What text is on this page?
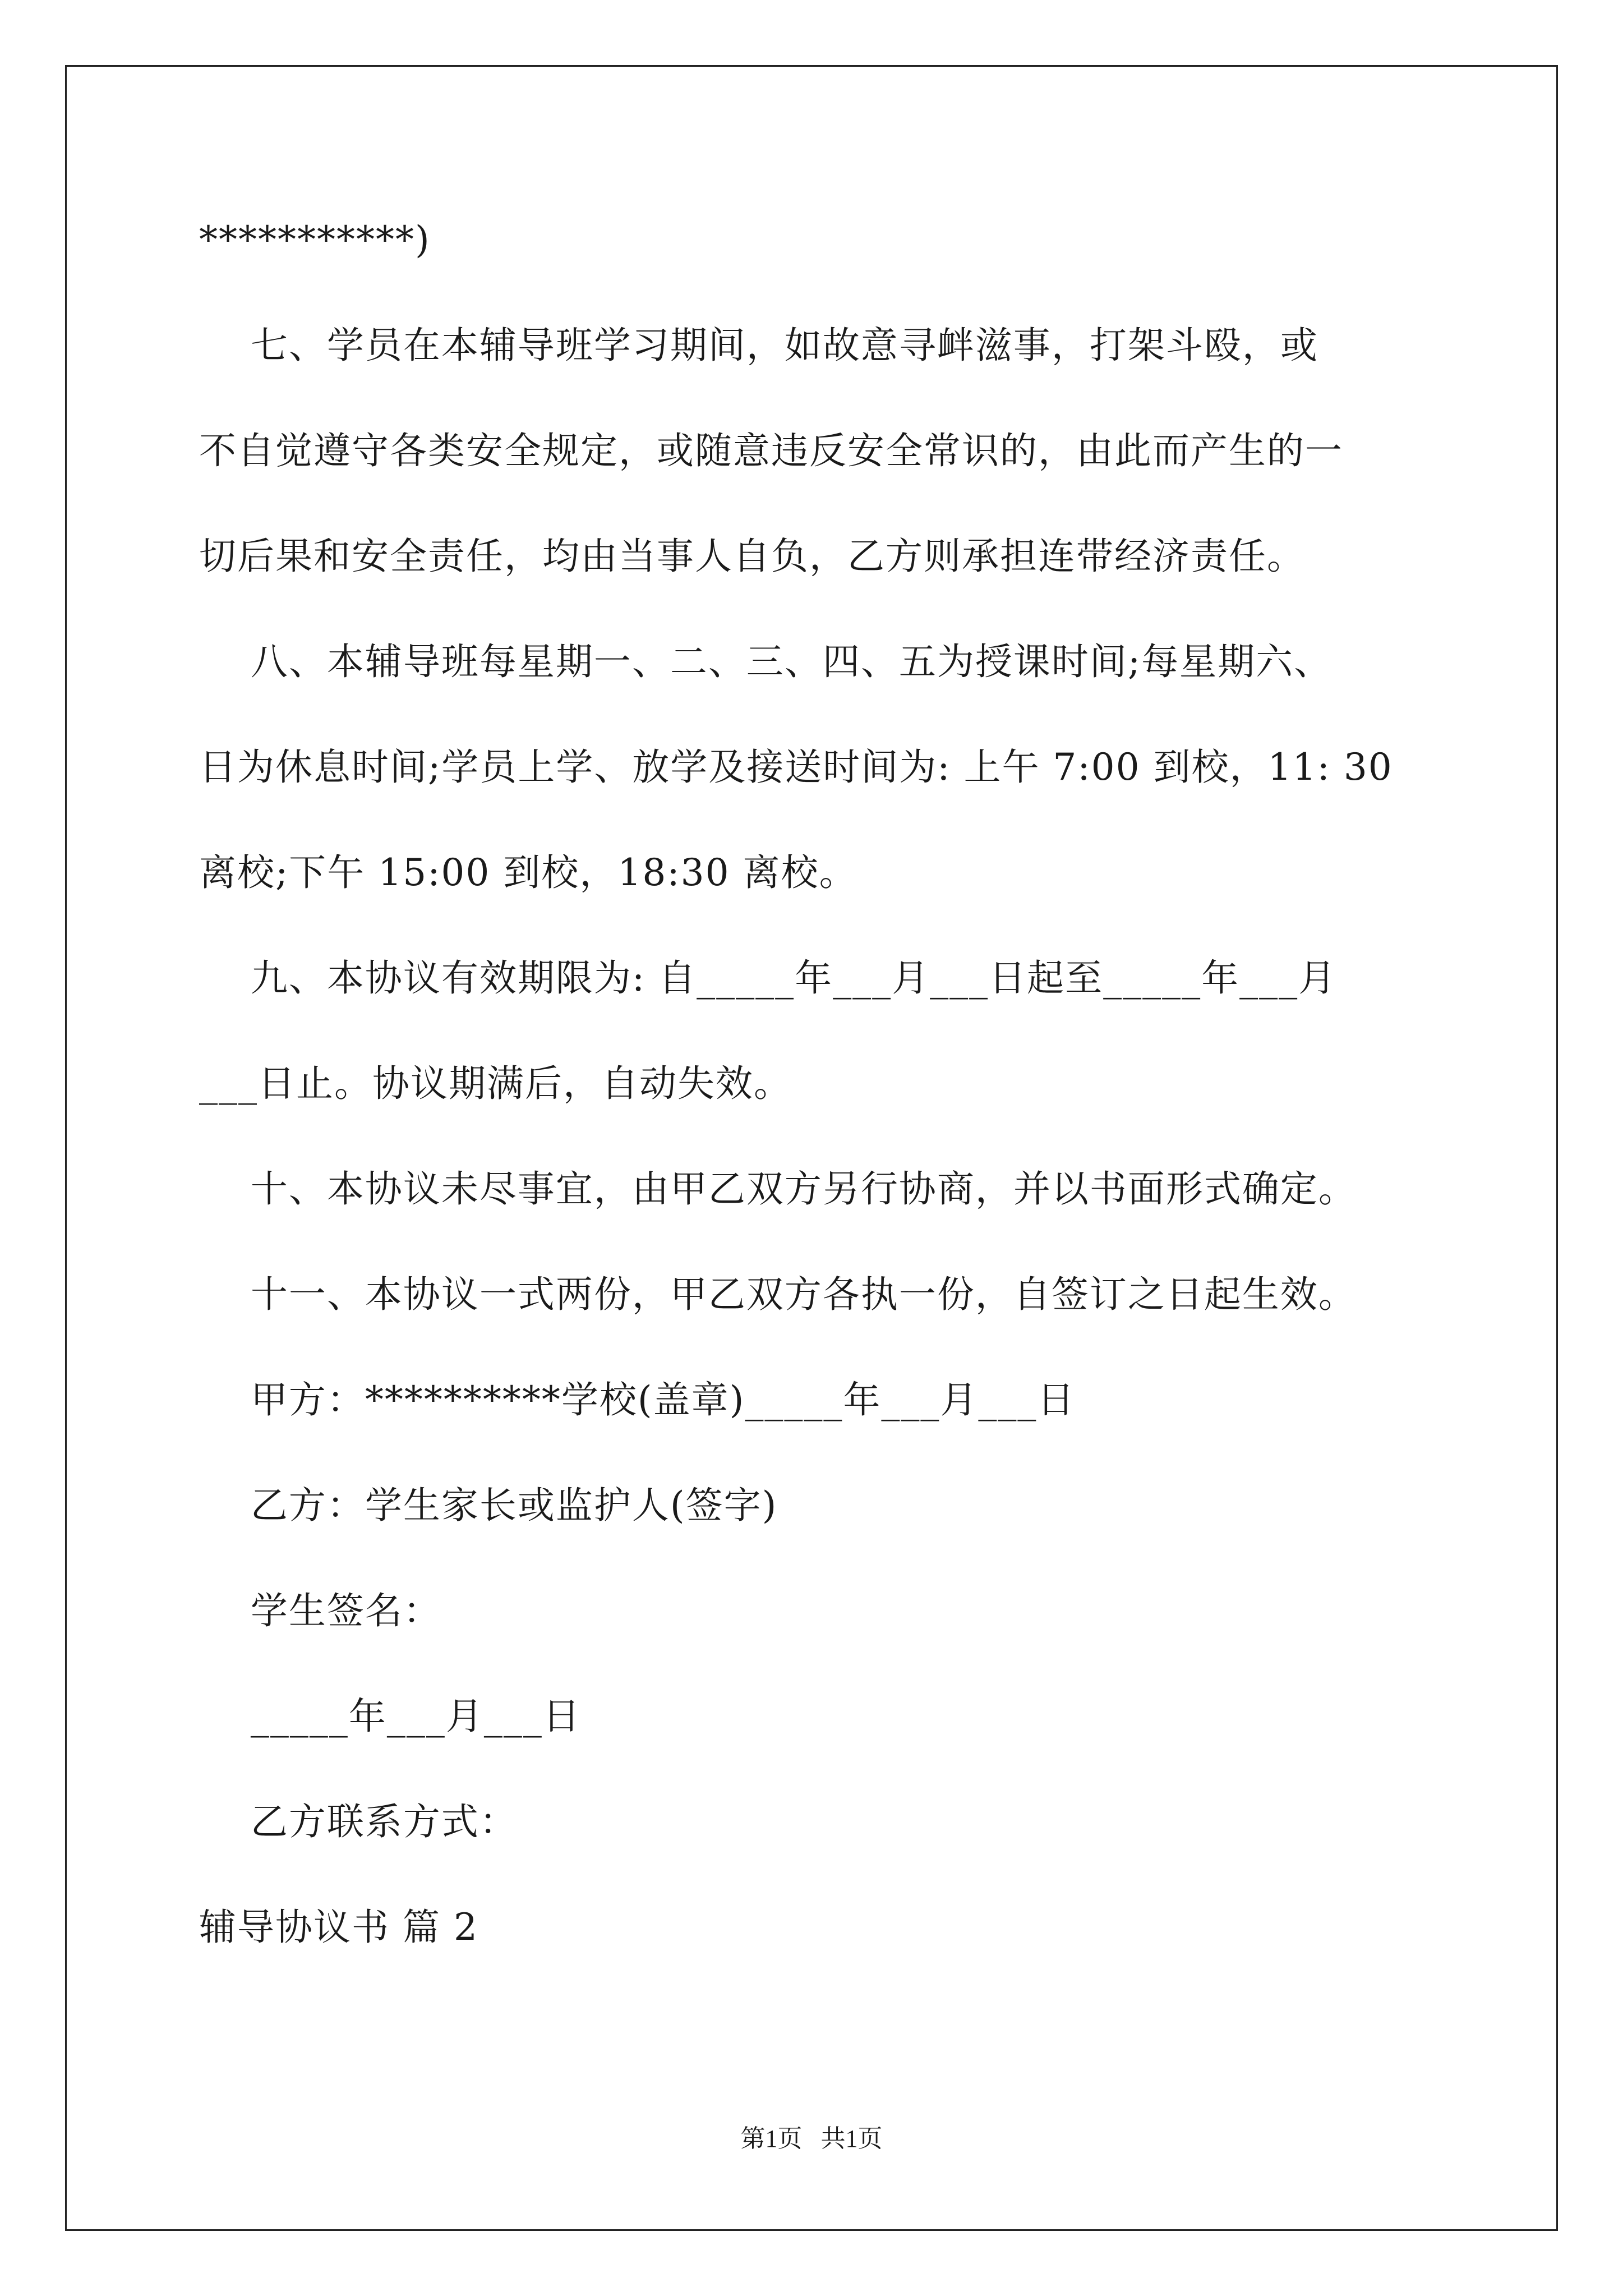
***********)
七、学员在本辅导班学习期间，如故意寻衅滋事，打架斗殴，或
不自觉遵守各类安全规定，或随意违反安全常识的，由此而产生的一
切后果和安全责任，均由当事人自负，乙方则承担连带经济责任。
八、本辅导班每星期一、二、三、四、五为授课时间;每星期六、
日为休息时间;学员上学、放学及接送时间为: 上午 7:00 到校，11: 30
离校;下午 15:00 到校，18:30 离校。
九、本协议有效期限为: 自_____年___月___日起至_____年___月
___日止。协议期满后，自动失效。
十、本协议未尽事宜，由甲乙双方另行协商，并以书面形式确定。
十一、本协议一式两份，甲乙双方各执一份，自签订之日起生效。
甲方：**********学校(盖章)_____年___月___日
乙方：学生家长或监护人(签字)
学生签名：
_____年___月___日
乙方联系方式：
辅导协议书 篇 2
第1页   共1页
